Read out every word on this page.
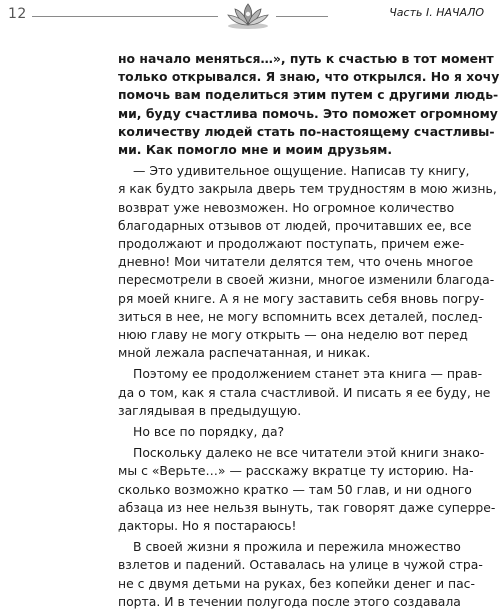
12	Часть I. НАЧАЛО

но начало меняться…», путь к счастью в тот момент
только открывался. Я знаю, что открылся. Но я хочу
помочь вам поделиться этим путем с другими людь-
ми, буду счастлива помочь. Это поможет огромному
количеству людей стать по-настоящему счастливы-
ми. Как помогло мне и моим друзьям.

— Это удивительное ощущение. Написав ту книгу,
я как будто закрыла дверь тем трудностям в мою жизнь,
возврат уже невозможен. Но огромное количество
благодарных отзывов от людей, прочитавших ее, все
продолжают и продолжают поступать, причем еже-
дневно! Мои читатели делятся тем, что очень многое
пересмотрели в своей жизни, многое изменили благода-
ря моей книге. А я не могу заставить себя вновь погру-
зиться в нее, не могу вспомнить всех деталей, послед-
нюю главу не могу открыть — она неделю вот перед
мной лежала распечатанная, и никак.

Поэтому ее продолжением станет эта книга — прав-
да о том, как я стала счастливой. И писать я ее буду, не
заглядывая в предыдущую.

Но все по порядку, да?

Поскольку далеко не все читатели этой книги знако-
мы с «Верьте…» — расскажу вкратце ту историю. На-
сколько возможно кратко — там 50 глав, и ни одного
абзаца из нее нельзя вынуть, так говорят даже суперре-
дакторы. Но я постараюсь!

В своей жизни я прожила и пережила множество
взлетов и падений. Оставалась на улице в чужой стра-
не с двумя детьми на руках, без копейки денег и пас-
порта. И в течении полугода после этого создавала
